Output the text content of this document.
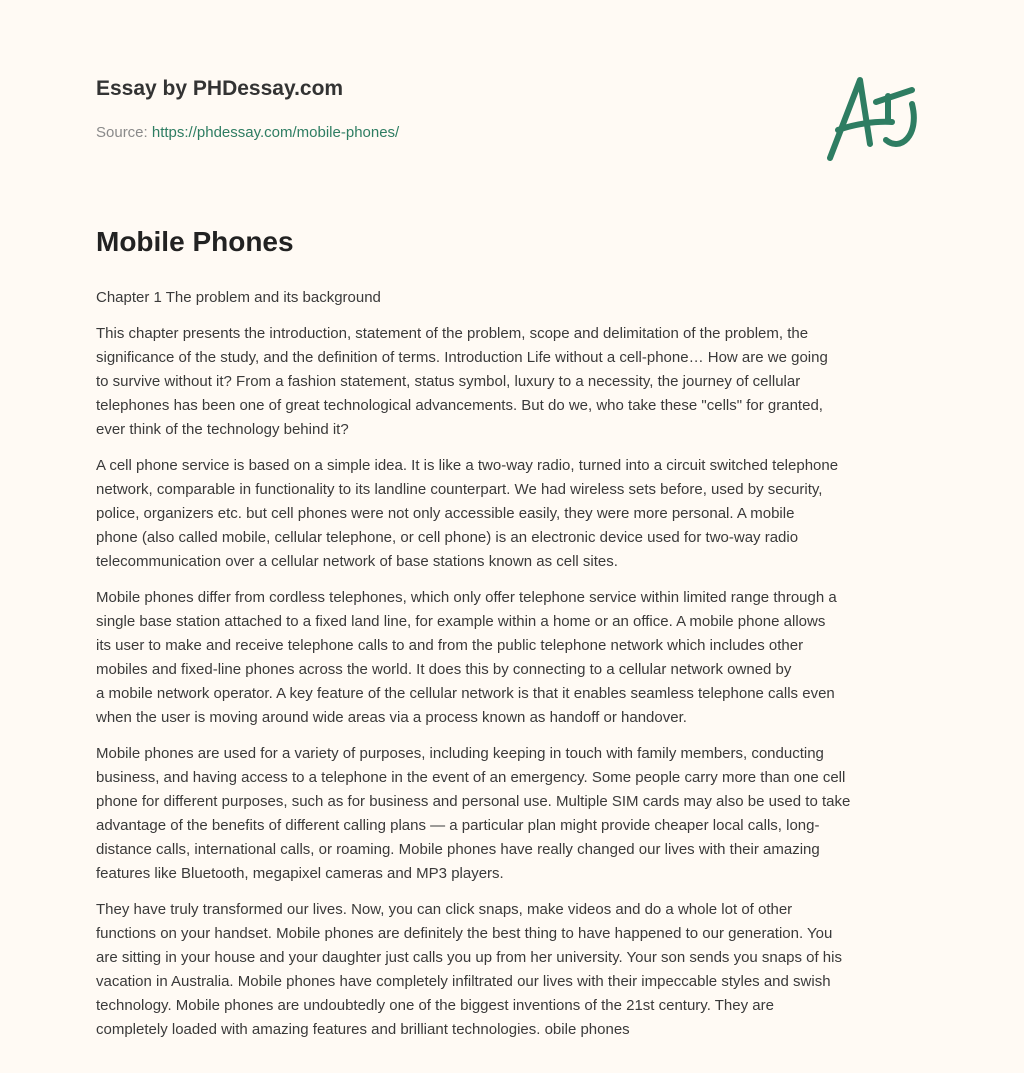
Essay by PHDessay.com
Source: https://phdessay.com/mobile-phones/
Mobile Phones

Chapter 1 The problem and its background

This chapter presents the introduction, statement of the problem, scope and delimitation of the problem, the
significance of the study, and the definition of terms. Introduction Life without a cell-phone… How are we going
to survive without it? From a fashion statement, status symbol, luxury to a necessity, the journey of cellular
telephones has been one of great technological advancements. But do we, who take these "cells" for granted,
ever think of the technology behind it?

A cell phone service is based on a simple idea. It is like a two-way radio, turned into a circuit switched telephone
network, comparable in functionality to its landline counterpart. We had wireless sets before, used by security,
police, organizers etc. but cell phones were not only accessible easily, they were more personal. A mobile
phone (also called mobile, cellular telephone, or cell phone) is an electronic device used for two-way radio
telecommunication over a cellular network of base stations known as cell sites.

Mobile phones differ from cordless telephones, which only offer telephone service within limited range through a
single base station attached to a fixed land line, for example within a home or an office. A mobile phone allows
its user to make and receive telephone calls to and from the public telephone network which includes other
mobiles and fixed-line phones across the world. It does this by connecting to a cellular network owned by
a mobile network operator. A key feature of the cellular network is that it enables seamless telephone calls even
when the user is moving around wide areas via a process known as handoff or handover.

Mobile phones are used for a variety of purposes, including keeping in touch with family members, conducting
business, and having access to a telephone in the event of an emergency. Some people carry more than one cell
phone for different purposes, such as for business and personal use. Multiple SIM cards may also be used to take
advantage of the benefits of different calling plans — a particular plan might provide cheaper local calls, long-
distance calls, international calls, or roaming. Mobile phones have really changed our lives with their amazing
features like Bluetooth, megapixel cameras and MP3 players.

They have truly transformed our lives. Now, you can click snaps, make videos and do a whole lot of other
functions on your handset. Mobile phones are definitely the best thing to have happened to our generation. You
are sitting in your house and your daughter just calls you up from her university. Your son sends you snaps of his
vacation in Australia. Mobile phones have completely infiltrated our lives with their impeccable styles and swish
technology. Mobile phones are undoubtedly one of the biggest inventions of the 21st century. They are
completely loaded with amazing features and brilliant technologies. obile phones
